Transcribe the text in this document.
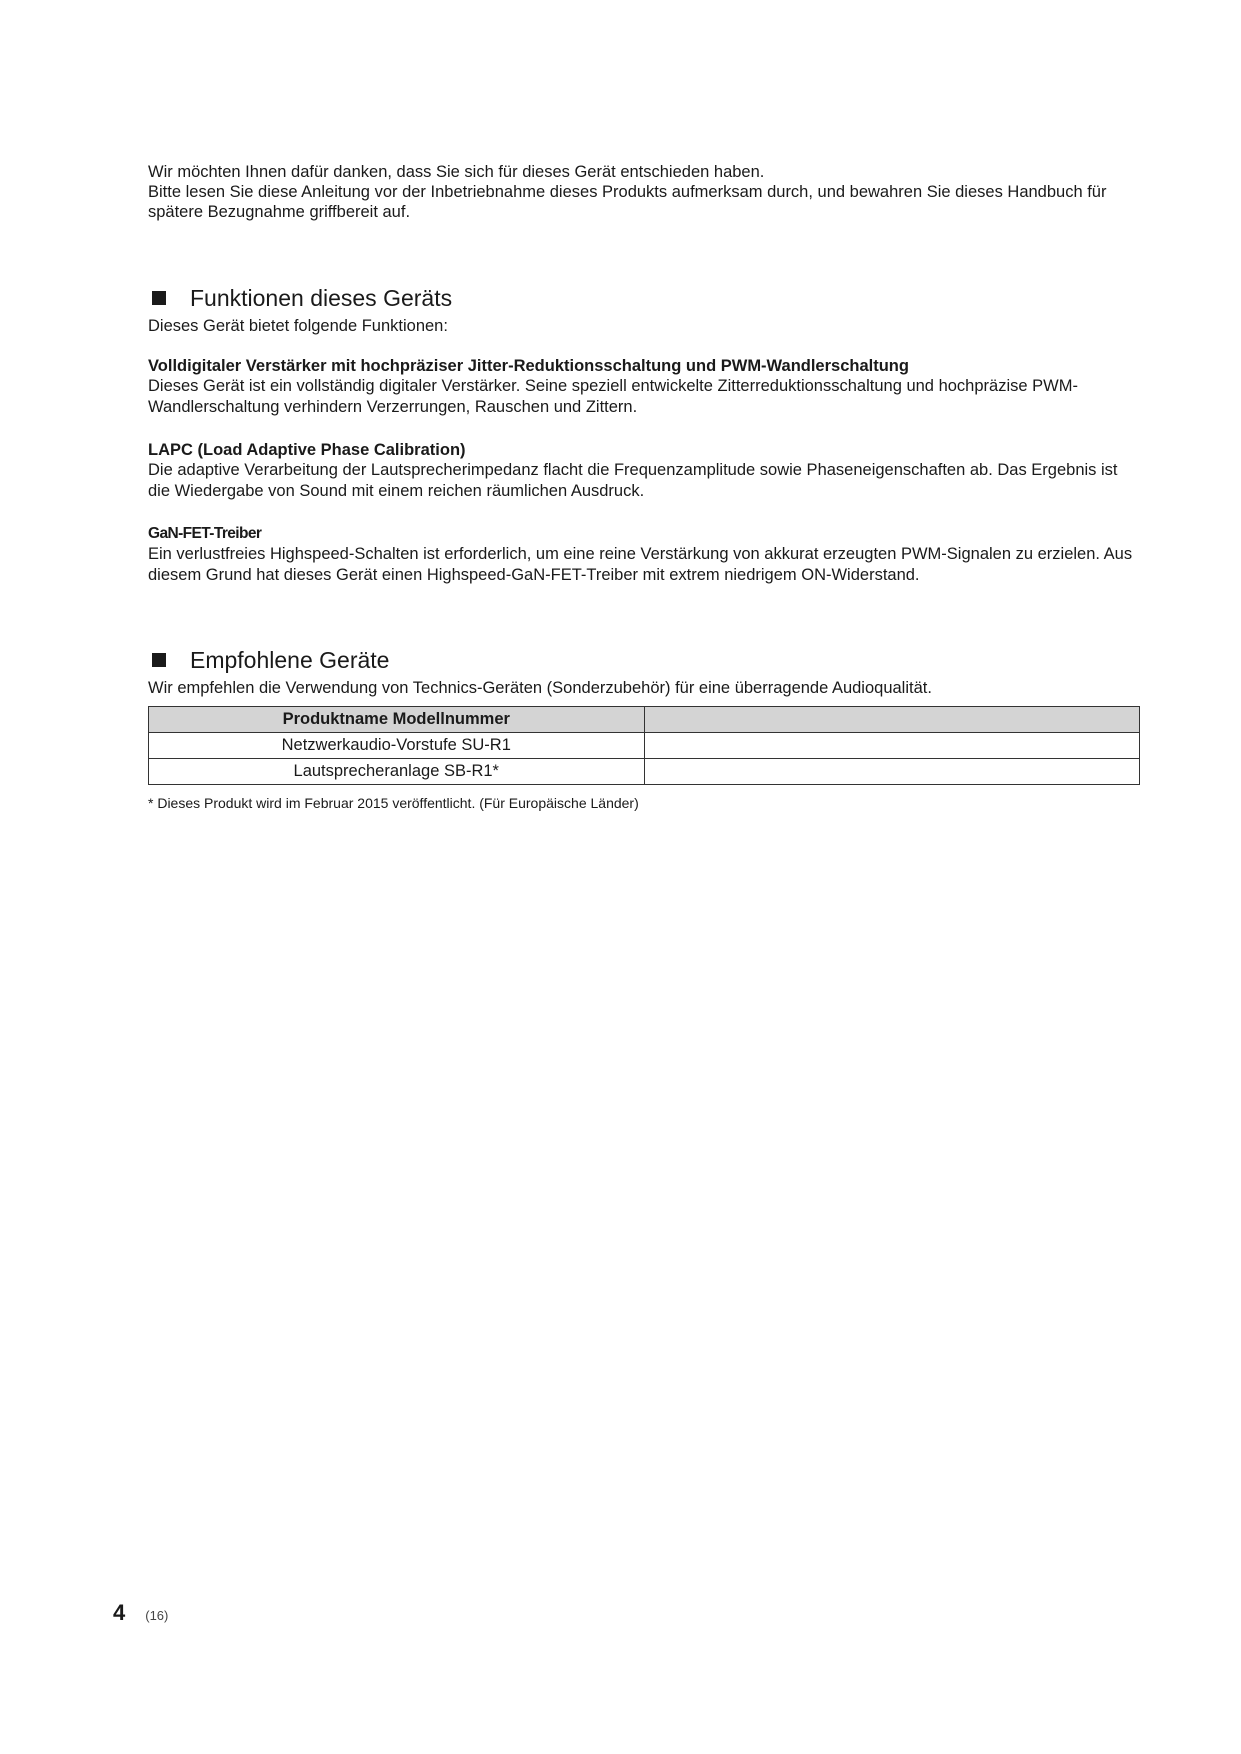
Wir möchten Ihnen dafür danken, dass Sie sich für dieses Gerät entschieden haben.

Bitte lesen Sie diese Anleitung vor der Inbetriebnahme dieses Produkts aufmerksam durch, und bewahren Sie dieses Handbuch für spätere Bezugnahme griffbereit auf.

Funktionen dieses Geräts

Dieses Gerät bietet folgende Funktionen:

Volldigitaler Verstärker mit hochpräziser Jitter-Reduktionsschaltung und PWM-Wandlerschaltung

Dieses Gerät ist ein vollständig digitaler Verstärker. Seine speziell entwickelte Zitterreduktionsschaltung und hochpräzise PWM-Wandlerschaltung verhindern Verzerrungen, Rauschen und Zittern.

LAPC (Load Adaptive Phase Calibration)

Die adaptive Verarbeitung der Lautsprecherimpedanz flacht die Frequenzamplitude sowie Phaseneigenschaften ab. Das Ergebnis ist die Wiedergabe von Sound mit einem reichen räumlichen Ausdruck.

GaN-FET-Treiber

Ein verlustfreies Highspeed-Schalten ist erforderlich, um eine reine Verstärkung von akkurat erzeugten PWM-Signalen zu erzielen. Aus diesem Grund hat dieses Gerät einen Highspeed-GaN-FET-Treiber mit extrem niedrigem ON-Widerstand.

Empfohlene Geräte

Wir empfehlen die Verwendung von Technics-Geräten (Sonderzubehör) für eine überragende Audioqualität.

Produktname Modellnummer	
Netzwerkaudio-Vorstufe SU-R1	
Lautsprecheranlage SB-R1*	

* Dieses Produkt wird im Februar 2015 veröffentlicht. (Für Europäische Länder)

4 (16)
